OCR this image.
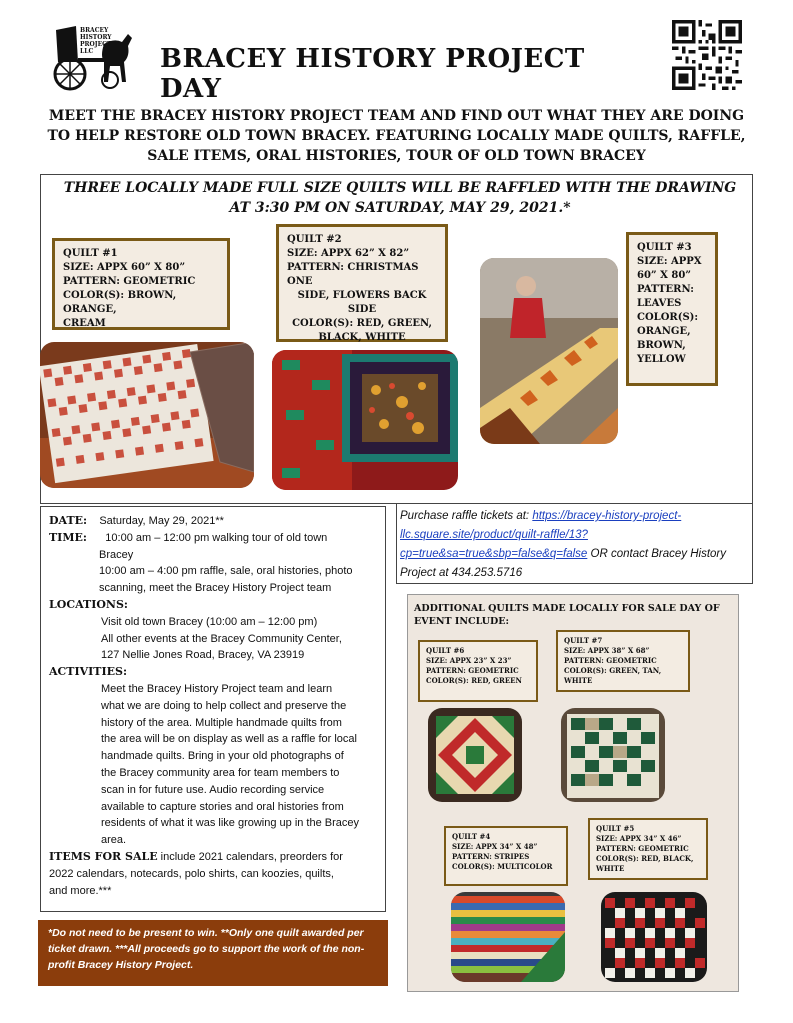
BRACEY
HISTORY
PROJECT
LLC	BRACEY HISTORY PROJECT DAY
MEET THE BRACEY HISTORY PROJECT TEAM AND FIND OUT WHAT THEY ARE DOING TO HELP RESTORE OLD TOWN BRACEY. FEATURING LOCALLY MADE QUILTS, RAFFLE, SALE ITEMS, ORAL HISTORIES, TOUR OF OLD TOWN BRACEY
THREE LOCALLY MADE FULL SIZE QUILTS WILL BE RAFFLED WITH THE DRAWING AT 3:30 PM ON SATURDAY, MAY 29, 2021.*
QUILT #1
SIZE: APPX 60” X 80”
PATTERN: GEOMETRIC
COLOR(S): BROWN, ORANGE,
CREAM
QUILT #2
SIZE: APPX 62” X 82”
PATTERN: CHRISTMAS ONE
SIDE, FLOWERS BACK SIDE
COLOR(S): RED, GREEN,
BLACK, WHITE
QUILT #3
SIZE: APPX
60” X 80”
PATTERN:
LEAVES
COLOR(S):
ORANGE,
BROWN,
YELLOW
DATE: Saturday, May 29, 2021**
TIME: 10:00 am – 12:00 pm walking tour of old town
Bracey
10:00 am – 4:00 pm raffle, sale, oral histories, photo
scanning, meet the Bracey History Project team
LOCATIONS:
Visit old town Bracey (10:00 am – 12:00 pm)
All other events at the Bracey Community Center,
127 Nellie Jones Road, Bracey, VA 23919
ACTIVITIES:
Meet the Bracey History Project team and learn
what we are doing to help collect and preserve the
history of the area. Multiple handmade quilts from
the area will be on display as well as a raffle for local
handmade quilts. Bring in your old photographs of
the Bracey community area for team members to
scan in for future use. Audio recording service
available to capture stories and oral histories from
residents of what it was like growing up in the Bracey
area.
ITEMS FOR SALE include 2021 calendars, preorders for
2022 calendars, notecards, polo shirts, can koozies, quilts,
and more.***
*Do not need to be present to win. **Only one quilt awarded per ticket drawn. ***All proceeds go to support the work of the non-profit Bracey History Project.
Purchase raffle tickets at: https://bracey-history-project-llc.square.site/product/quilt-raffle/13?cp=true&sa=true&sbp=false&q=false OR contact Bracey History Project at 434.253.5716
ADDITIONAL QUILTS MADE LOCALLY FOR SALE DAY OF EVENT INCLUDE:
QUILT #6
SIZE: APPX 23” X 23”
PATTERN: GEOMETRIC
COLOR(S): RED, GREEN
QUILT #7
SIZE: APPX 38” X 68”
PATTERN: GEOMETRIC
COLOR(S): GREEN, TAN,
WHITE
QUILT #4
SIZE: APPX 34” X 48”
PATTERN: STRIPES
COLOR(S): MULTICOLOR
QUILT #5
SIZE: APPX 34” X 46”
PATTERN: GEOMETRIC
COLOR(S): RED, BLACK,
WHITE
